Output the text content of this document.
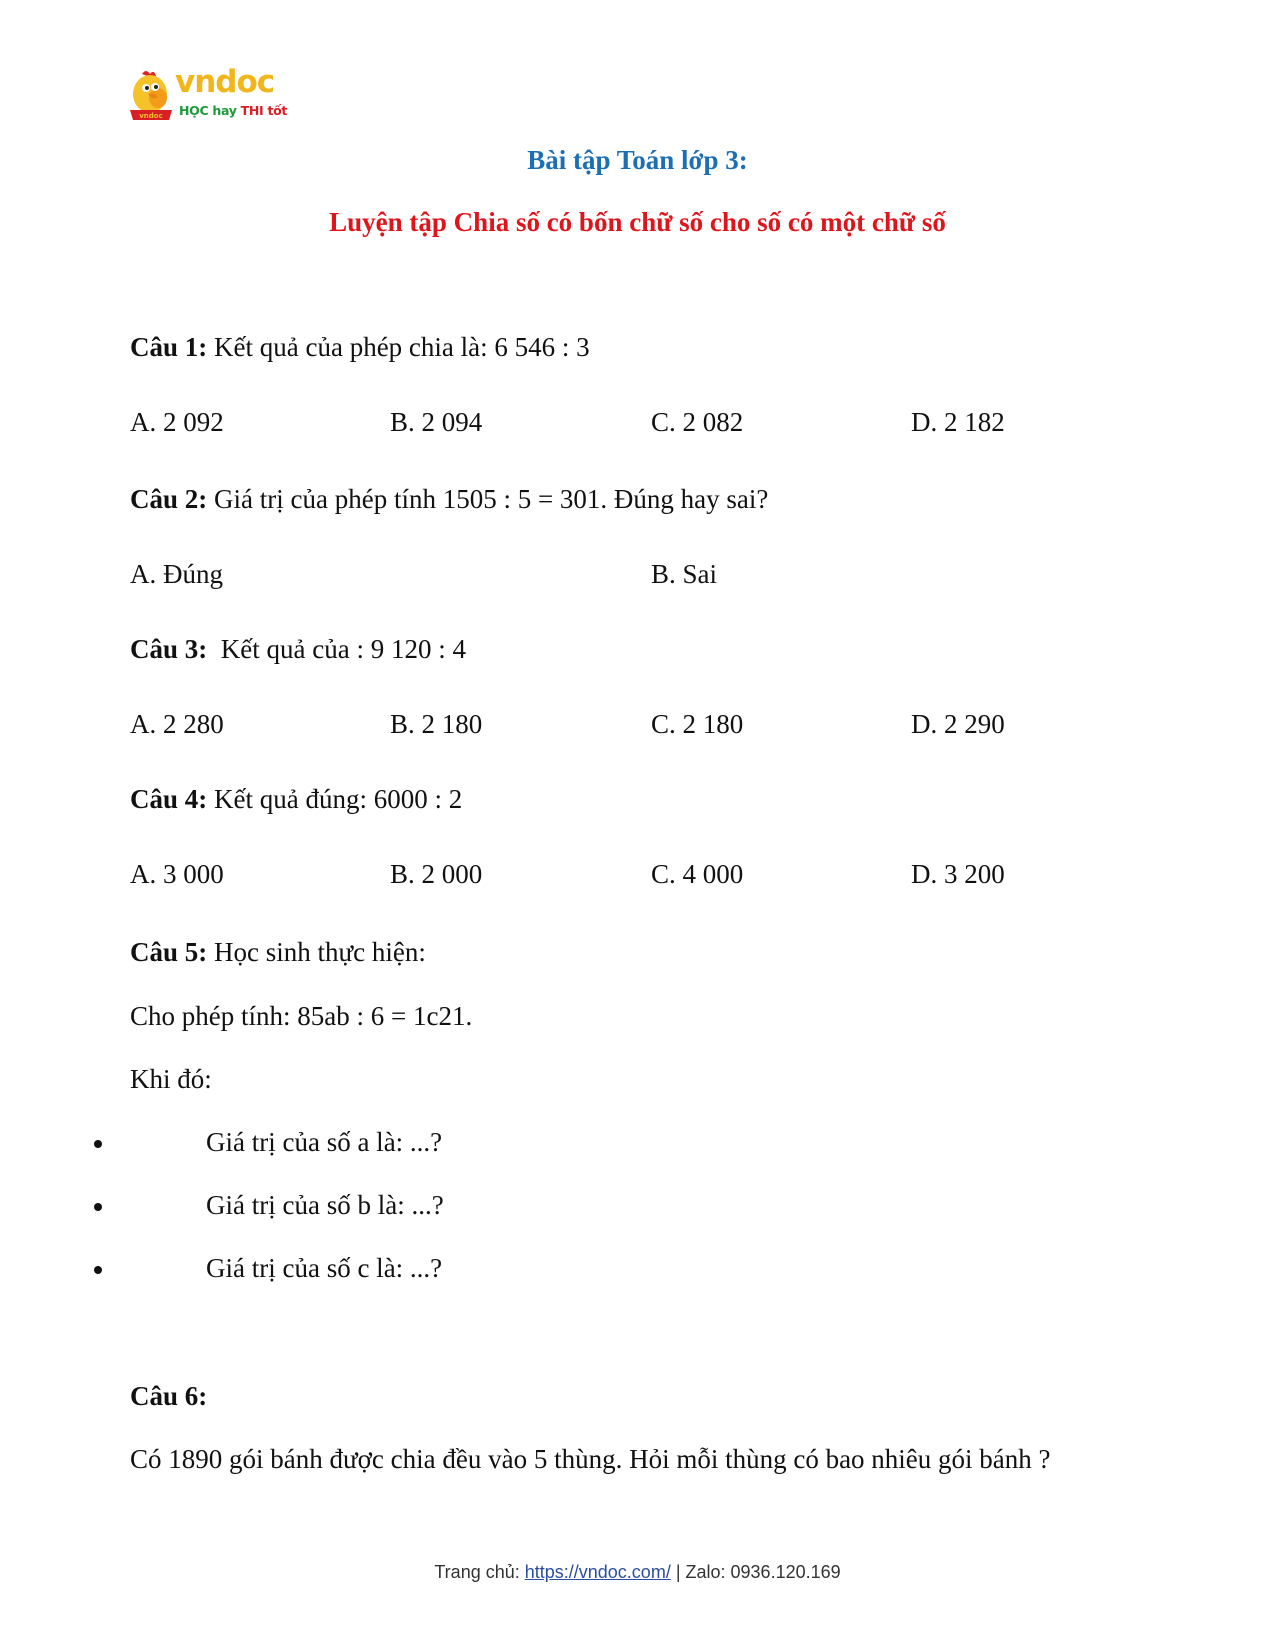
vndoc
vndoc
HỌC hay THI tốt
Bài tập Toán lớp 3:
Luyện tập Chia số có bốn chữ số cho số có một chữ số
Câu 1: Kết quả của phép chia là: 6 546 : 3
A. 2 092	B. 2 094	C. 2 082	D. 2 182
Câu 2: Giá trị của phép tính 1505 : 5 = 301. Đúng hay sai?
A. Đúng	B. Sai
Câu 3:  Kết quả của : 9 120 : 4
A. 2 280	B. 2 180	C. 2 180	D. 2 290
Câu 4: Kết quả đúng: 6000 : 2
A. 3 000	B. 2 000	C. 4 000	D. 3 200
Câu 5: Học sinh thực hiện:
Cho phép tính: 85ab : 6 = 1c21.
Khi đó:
Giá trị của số a là: ...?
Giá trị của số b là: ...?
Giá trị của số c là: ...?
Câu 6:
Có 1890 gói bánh được chia đều vào 5 thùng. Hỏi mỗi thùng có bao nhiêu gói bánh ?
Trang chủ: https://vndoc.com/ | Zalo: 0936.120.169
